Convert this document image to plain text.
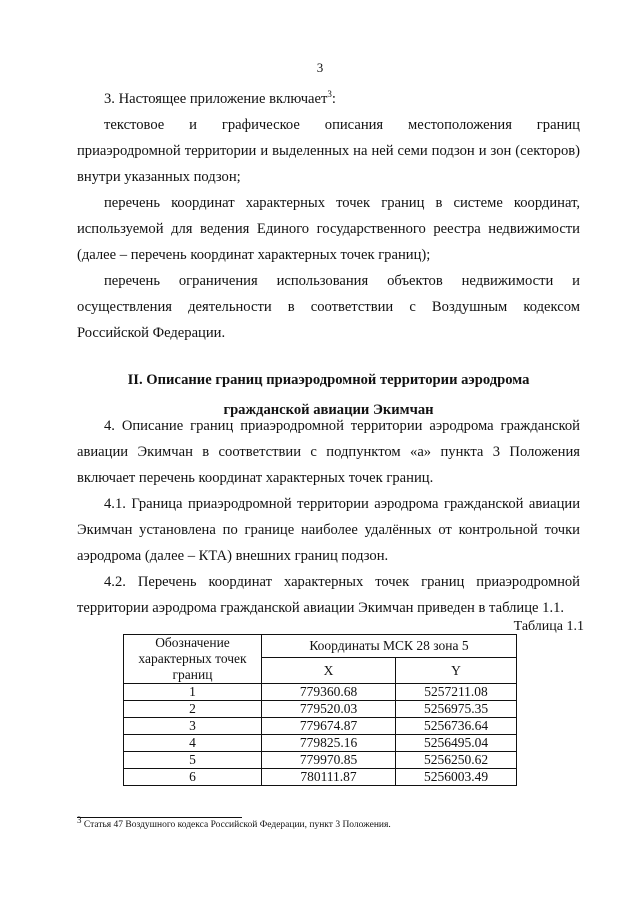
3

3. Настоящее приложение включает$^3$:

текстовое и графическое описания местоположения границ приаэродромной территории и выделенных на ней семи подзон и зон (секторов) внутри указанных подзон;

перечень координат характерных точек границ в системе координат, используемой для ведения Единого государственного реестра недвижимости (далее – перечень координат характерных точек границ);

перечень ограничения использования объектов недвижимости и осуществления деятельности в соответствии с Воздушным кодексом Российской Федерации.

II. Описание границ приаэродромной территории аэродрома
гражданской авиации Экимчан

4. Описание границ приаэродромной территории аэродрома гражданской авиации Экимчан в соответствии с подпунктом «а» пункта 3 Положения включает перечень координат характерных точек границ.

4.1. Граница приаэродромной территории аэродрома гражданской авиации Экимчан установлена по границе наиболее удалённых от контрольной точки аэродрома (далее – КТА) внешних границ подзон.

4.2. Перечень координат характерных точек границ приаэродромной территории аэродрома гражданской авиации Экимчан приведен в таблице 1.1.

Таблица 1.1
Обозначение характерных точек границ	Координаты МСК 28 зона 5	
	X	Y
1	779360.68	5257211.08
2	779520.03	5256975.35
3	779674.87	5256736.64
4	779825.16	5256495.04
5	779970.85	5256250.62
6	780111.87	5256003.49
$^3$ Статья 47 Воздушного кодекса Российской Федерации, пункт 3 Положения.
